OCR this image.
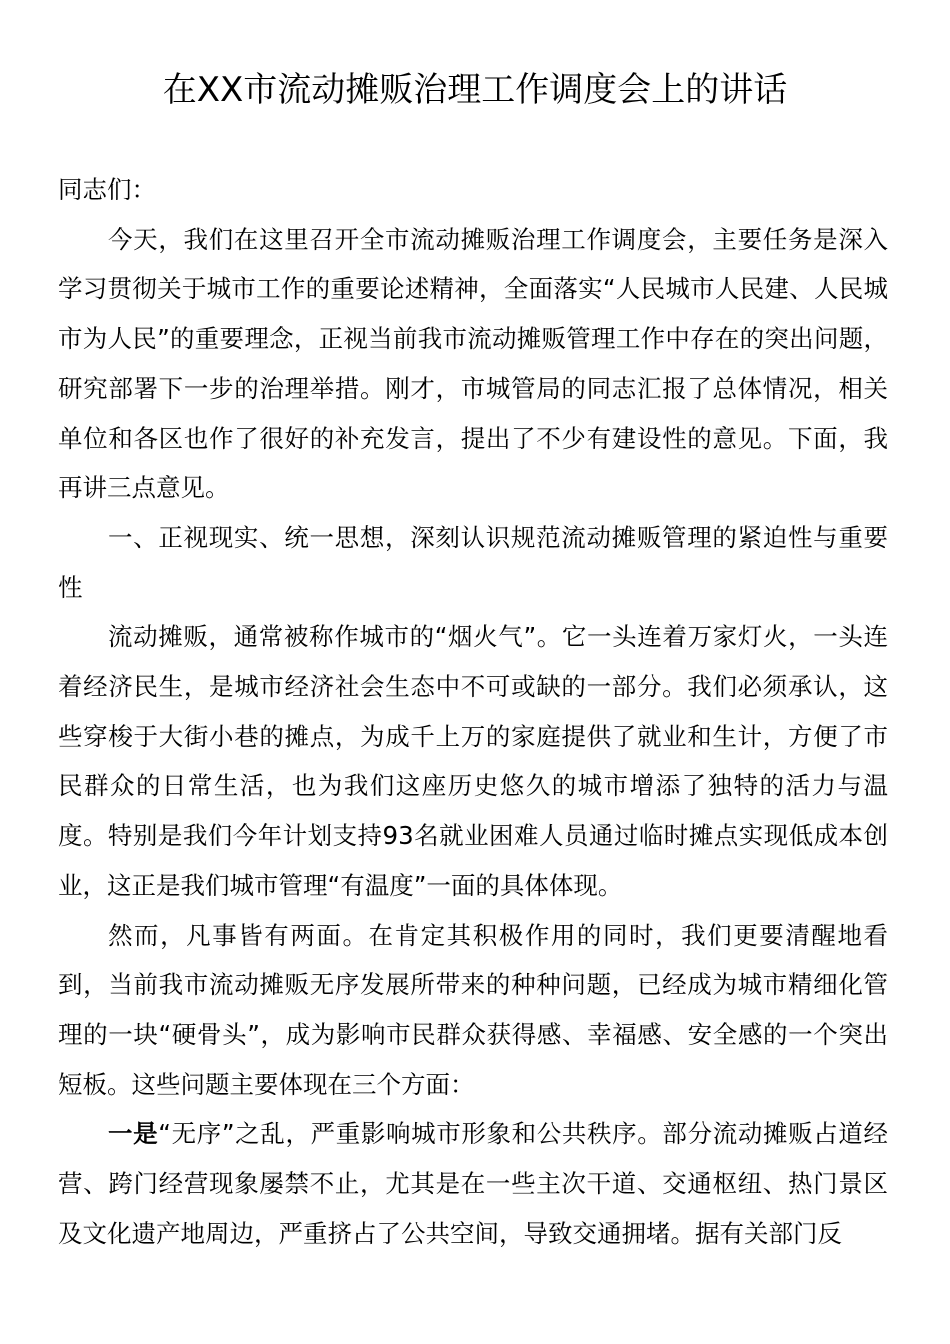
在XX市流动摊贩治理工作调度会上的讲话

同志们：

今天，我们在这里召开全市流动摊贩治理工作调度会，主要任务是深入学习贯彻关于城市工作的重要论述精神，全面落实“人民城市人民建、人民城市为人民”的重要理念，正视当前我市流动摊贩管理工作中存在的突出问题，研究部署下一步的治理举措。刚才，市城管局的同志汇报了总体情况，相关单位和各区也作了很好的补充发言，提出了不少有建设性的意见。下面，我再讲三点意见。

一、正视现实、统一思想，深刻认识规范流动摊贩管理的紧迫性与重要性

流动摊贩，通常被称作城市的“烟火气”。它一头连着万家灯火，一头连着经济民生，是城市经济社会生态中不可或缺的一部分。我们必须承认，这些穿梭于大街小巷的摊点，为成千上万的家庭提供了就业和生计，方便了市民群众的日常生活，也为我们这座历史悠久的城市增添了独特的活力与温度。特别是我们今年计划支持93名就业困难人员通过临时摊点实现低成本创业，这正是我们城市管理“有温度”一面的具体体现。

然而，凡事皆有两面。在肯定其积极作用的同时，我们更要清醒地看到，当前我市流动摊贩无序发展所带来的种种问题，已经成为城市精细化管理的一块“硬骨头”，成为影响市民群众获得感、幸福感、安全感的一个突出短板。这些问题主要体现在三个方面：

一是“无序”之乱，严重影响城市形象和公共秩序。部分流动摊贩占道经营、跨门经营现象屡禁不止，尤其是在一些主次干道、交通枢纽、热门景区及文化遗产地周边，严重挤占了公共空间，导致交通拥堵。据有关部门反
